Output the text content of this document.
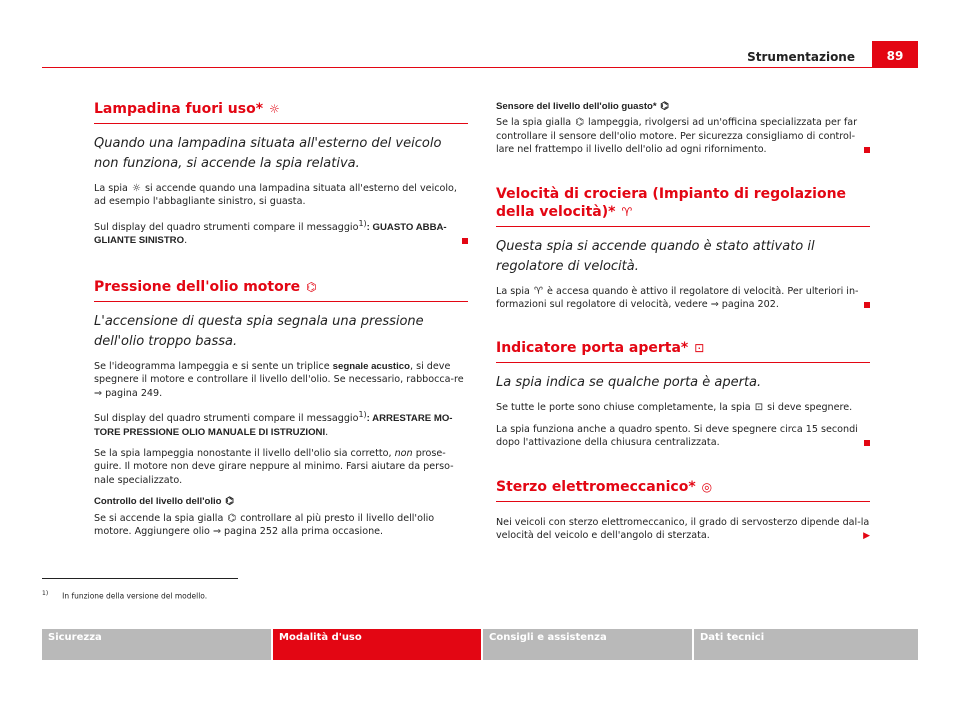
Strumentazione	89
Lampadina fuori uso* ☼

Quando una lampadina situata all'esterno del veicolo non funziona, si accende la spia relativa.

La spia ☼ si accende quando una lampadina situata all'esterno del veicolo, ad esempio l'abbagliante sinistro, si guasta.

Sul display del quadro strumenti compare il messaggio$^{1)}$: GUASTO ABBA-GLIANTE SINISTRO.

Pressione dell'olio motore ⌬

L'accensione di questa spia segnala una pressione dell'olio troppo bassa.

Se l'ideogramma lampeggia e si sente un triplice segnale acustico, si deve spegnere il motore e controllare il livello dell'olio. Se necessario, rabbocca-re ⇒ pagina 249.

Sul display del quadro strumenti compare il messaggio$^{1)}$: ARRESTARE MO-TORE PRESSIONE OLIO MANUALE DI ISTRUZIONI.

Se la spia lampeggia nonostante il livello dell'olio sia corretto, non prose-guire. Il motore non deve girare neppure al minimo. Farsi aiutare da perso-nale specializzato.

Controllo del livello dell'olio ⌬

Se si accende la spia gialla ⌬ controllare al più presto il livello dell'olio motore. Aggiungere olio ⇒ pagina 252 alla prima occasione.

Sensore del livello dell'olio guasto* ⌬

Se la spia gialla ⌬ lampeggia, rivolgersi ad un'officina specializzata per far controllare il sensore dell'olio motore. Per sicurezza consigliamo di control-lare nel frattempo il livello dell'olio ad ogni rifornimento.

Velocità di crociera (Impianto di regolazione della velocità)* ♈

Questa spia si accende quando è stato attivato il regolatore di velocità.

La spia ♈ è accesa quando è attivo il regolatore di velocità. Per ulteriori in-formazioni sul regolatore di velocità, vedere ⇒ pagina 202.

Indicatore porta aperta* ⊡

La spia indica se qualche porta è aperta.

Se tutte le porte sono chiuse completamente, la spia ⊡ si deve spegnere.

La spia funziona anche a quadro spento. Si deve spegnere circa 15 secondi dopo l'attivazione della chiusura centralizzata.

Sterzo elettromeccanico* ◎

Nei veicoli con sterzo elettromeccanico, il grado di servosterzo dipende dal-la velocità del veicolo e dell'angolo di sterzata.	▶

$^{1)}$ In funzione della versione del modello.
Sicurezza	Modalità d'uso	Consigli e assistenza	Dati tecnici
